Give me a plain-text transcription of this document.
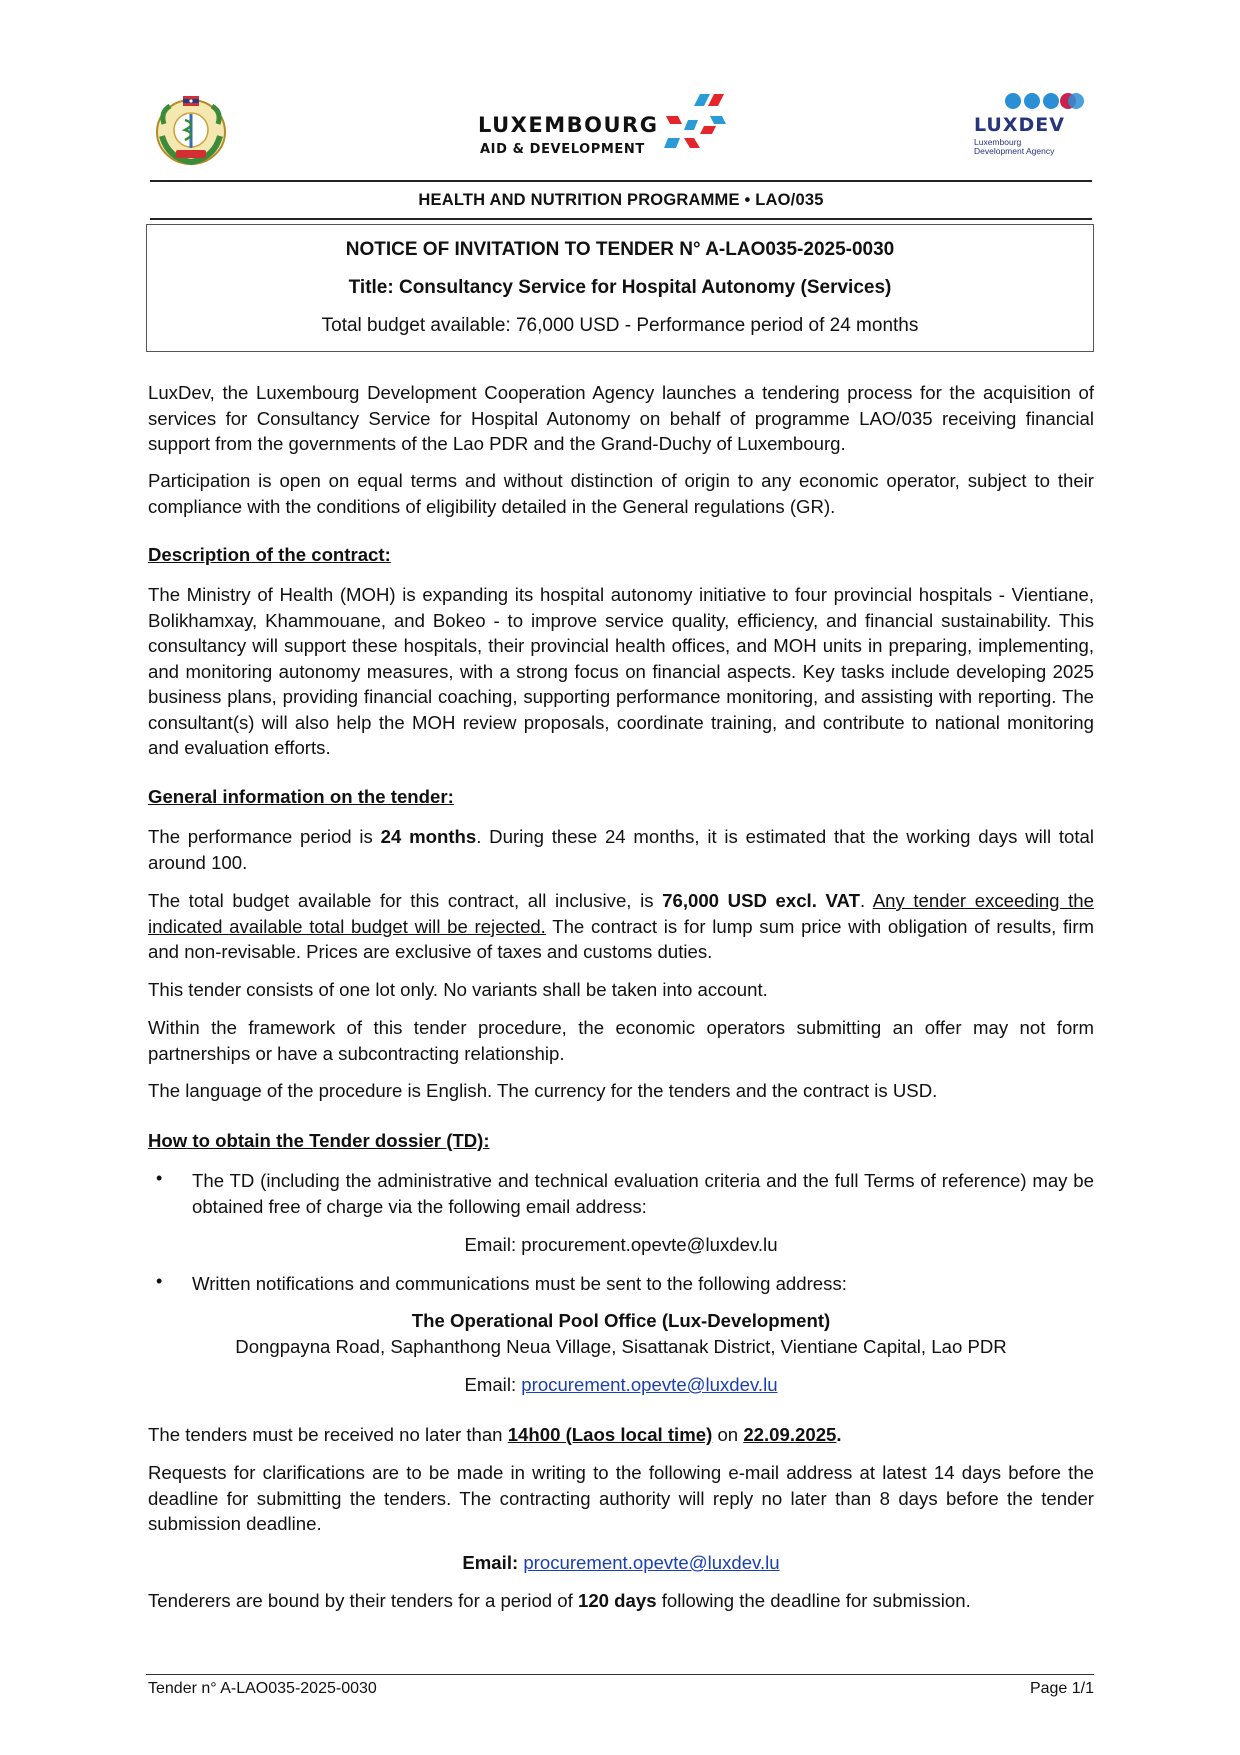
LUXEMBOURG
AID & DEVELOPMENT
LUXDEV
Luxembourg
Development Agency
HEALTH AND NUTRITION PROGRAMME • LAO/035
NOTICE OF INVITATION TO TENDER N° A-LAO035-2025-0030
Title: Consultancy Service for Hospital Autonomy (Services)
Total budget available: 76,000 USD - Performance period of 24 months
LuxDev, the Luxembourg Development Cooperation Agency launches a tendering process for the acquisition of services for Consultancy Service for Hospital Autonomy on behalf of programme LAO/035 receiving financial support from the governments of the Lao PDR and the Grand-Duchy of Luxembourg.
Participation is open on equal terms and without distinction of origin to any economic operator, subject to their compliance with the conditions of eligibility detailed in the General regulations (GR).
Description of the contract:
The Ministry of Health (MOH) is expanding its hospital autonomy initiative to four provincial hospitals - Vientiane, Bolikhamxay, Khammouane, and Bokeo - to improve service quality, efficiency, and financial sustainability. This consultancy will support these hospitals, their provincial health offices, and MOH units in preparing, implementing, and monitoring autonomy measures, with a strong focus on financial aspects. Key tasks include developing 2025 business plans, providing financial coaching, supporting performance monitoring, and assisting with reporting. The consultant(s) will also help the MOH review proposals, coordinate training, and contribute to national monitoring and evaluation efforts.
General information on the tender:
The performance period is 24 months. During these 24 months, it is estimated that the working days will total around 100.
The total budget available for this contract, all inclusive, is 76,000 USD excl. VAT. Any tender exceeding the indicated available total budget will be rejected. The contract is for lump sum price with obligation of results, firm and non-revisable. Prices are exclusive of taxes and customs duties.
This tender consists of one lot only. No variants shall be taken into account.
Within the framework of this tender procedure, the economic operators submitting an offer may not form partnerships or have a subcontracting relationship.
The language of the procedure is English. The currency for the tenders and the contract is USD.
How to obtain the Tender dossier (TD):
• The TD (including the administrative and technical evaluation criteria and the full Terms of reference) may be obtained free of charge via the following email address:
Email: procurement.opevte@luxdev.lu
• Written notifications and communications must be sent to the following address:
The Operational Pool Office (Lux-Development)
Dongpayna Road, Saphanthong Neua Village, Sisattanak District, Vientiane Capital, Lao PDR
Email: procurement.opevte@luxdev.lu
The tenders must be received no later than 14h00 (Laos local time) on 22.09.2025.
Requests for clarifications are to be made in writing to the following e-mail address at latest 14 days before the deadline for submitting the tenders. The contracting authority will reply no later than 8 days before the tender submission deadline.
Email: procurement.opevte@luxdev.lu
Tenderers are bound by their tenders for a period of 120 days following the deadline for submission.
Tender n° A-LAO035-2025-0030	Page 1/1
